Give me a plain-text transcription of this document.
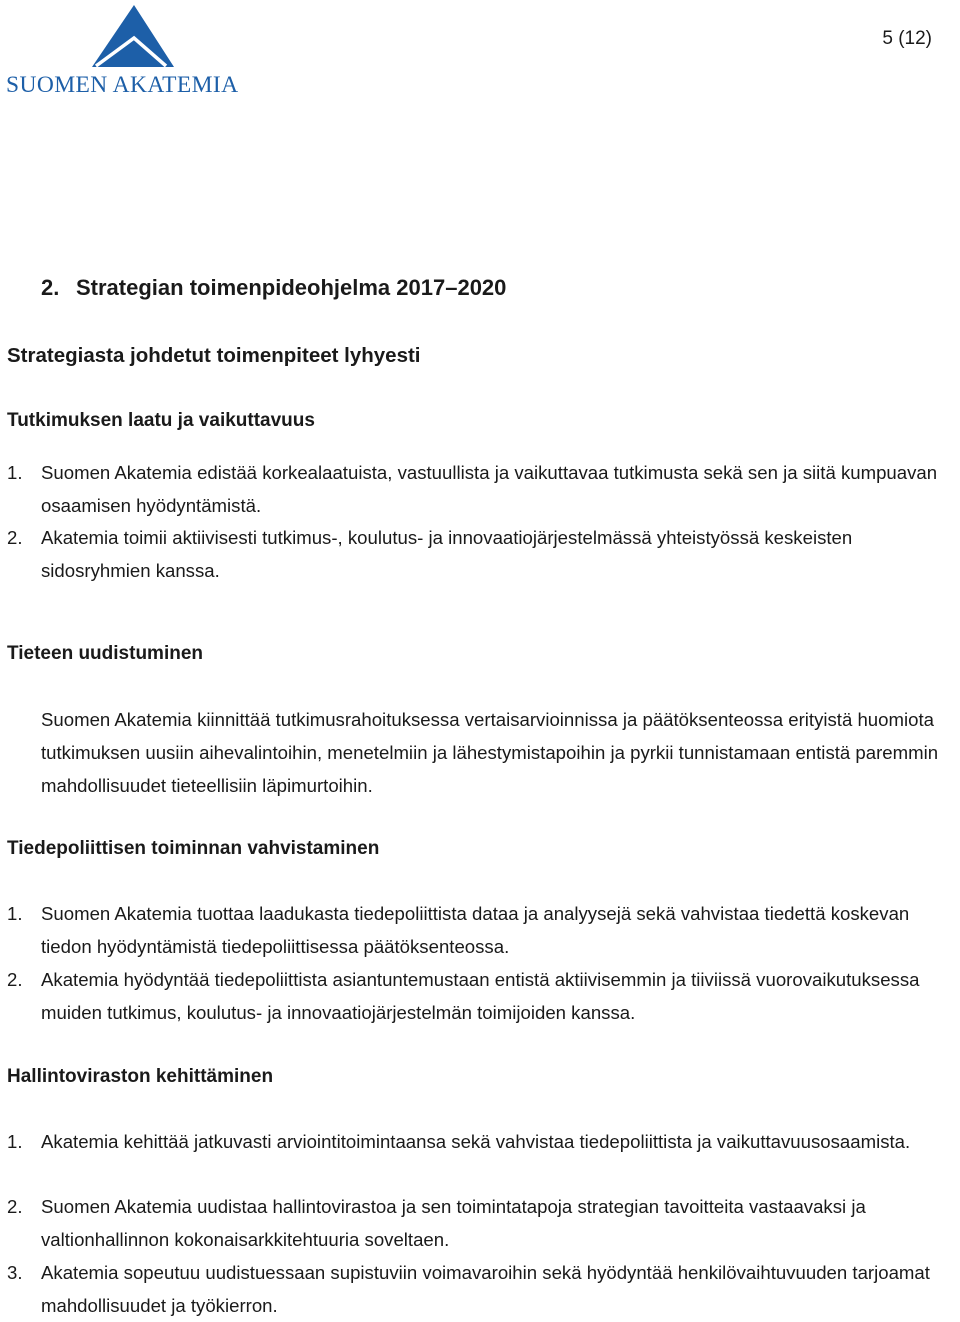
SUOMEN AKATEMIA
5 (12)
2. Strategian toimenpideohjelma 2017–2020
Strategiasta johdetut toimenpiteet lyhyesti
Tutkimuksen laatu ja vaikuttavuus
1. Suomen Akatemia edistää korkealaatuista, vastuullista ja vaikuttavaa tutkimusta sekä sen ja siitä kumpuavan osaamisen hyödyntämistä.
2. Akatemia toimii aktiivisesti tutkimus-, koulutus- ja innovaatiojärjestelmässä yhteistyössä keskeisten sidosryhmien kanssa.
Tieteen uudistuminen
Suomen Akatemia kiinnittää tutkimusrahoituksessa vertaisarvioinnissa ja päätöksenteossa erityistä huomiota tutkimuksen uusiin aihevalintoihin, menetelmiin ja lähestymistapoihin ja pyrkii tunnistamaan entistä paremmin mahdollisuudet tieteellisiin läpimurtoihin.
Tiedepoliittisen toiminnan vahvistaminen
1. Suomen Akatemia tuottaa laadukasta tiedepoliittista dataa ja analyysejä sekä vahvistaa tiedettä koskevan tiedon hyödyntämistä tiedepoliittisessa päätöksenteossa.
2. Akatemia hyödyntää tiedepoliittista asiantuntemustaan entistä aktiivisemmin ja tiiviissä vuorovaikutuksessa muiden tutkimus, koulutus- ja innovaatiojärjestelmän toimijoiden kanssa.
Hallintoviraston kehittäminen
1. Akatemia kehittää jatkuvasti arviointitoimintaansa sekä vahvistaa tiedepoliittista ja vaikuttavuusosaamista.
2. Suomen Akatemia uudistaa hallintovirastoa ja sen toimintatapoja strategian tavoitteita vastaavaksi ja valtionhallinnon kokonaisarkkitehtuuria soveltaen.
3. Akatemia sopeutuu uudistuessaan supistuviin voimavaroihin sekä hyödyntää henkilövaihtuvuuden tarjoamat mahdollisuudet ja työkierron.
